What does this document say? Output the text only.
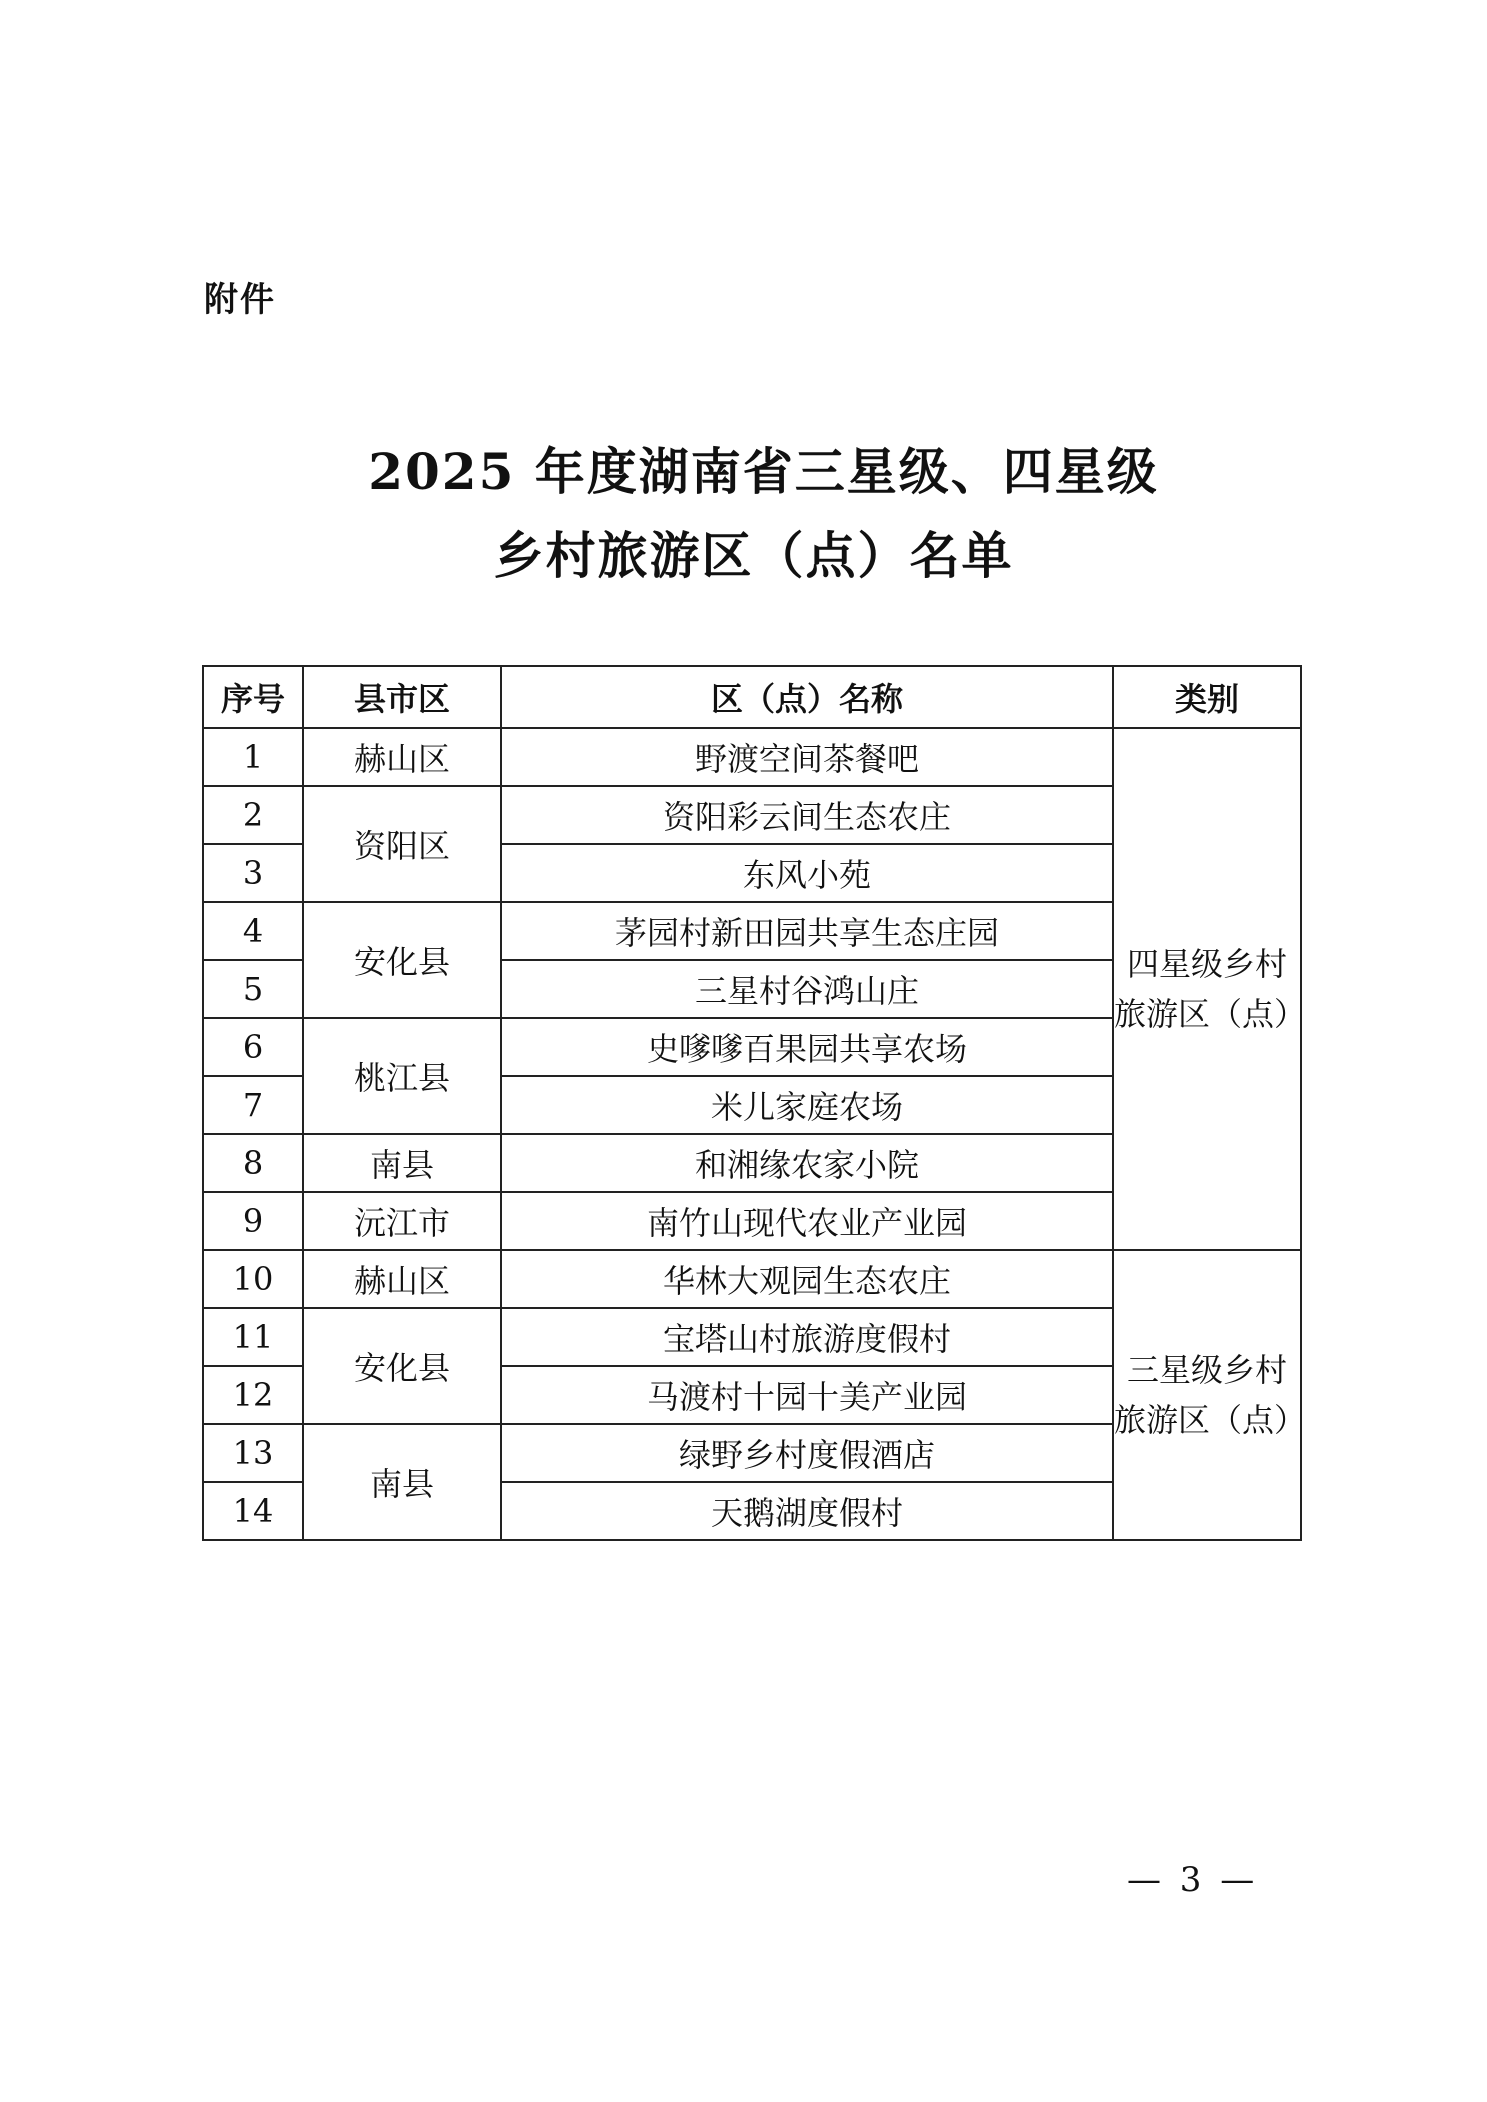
附件
2025 年度湖南省三星级、四星级
乡村旅游区（点）名单
序号	县市区	区（点）名称	类别
1	赫山区	野渡空间茶餐吧	四星级乡村旅游区（点）
2	资阳区	资阳彩云间生态农庄	
3		东风小苑	
4	安化县	茅园村新田园共享生态庄园	
5		三星村谷鸿山庄	
6	桃江县	史嗲嗲百果园共享农场	
7		米儿家庭农场	
8	南县	和湘缘农家小院	
9	沅江市	南竹山现代农业产业园	
10	赫山区	华林大观园生态农庄	三星级乡村旅游区（点）
11	安化县	宝塔山村旅游度假村	
12		马渡村十园十美产业园	
13	南县	绿野乡村度假酒店	
14		天鹅湖度假村	
— 3 —
